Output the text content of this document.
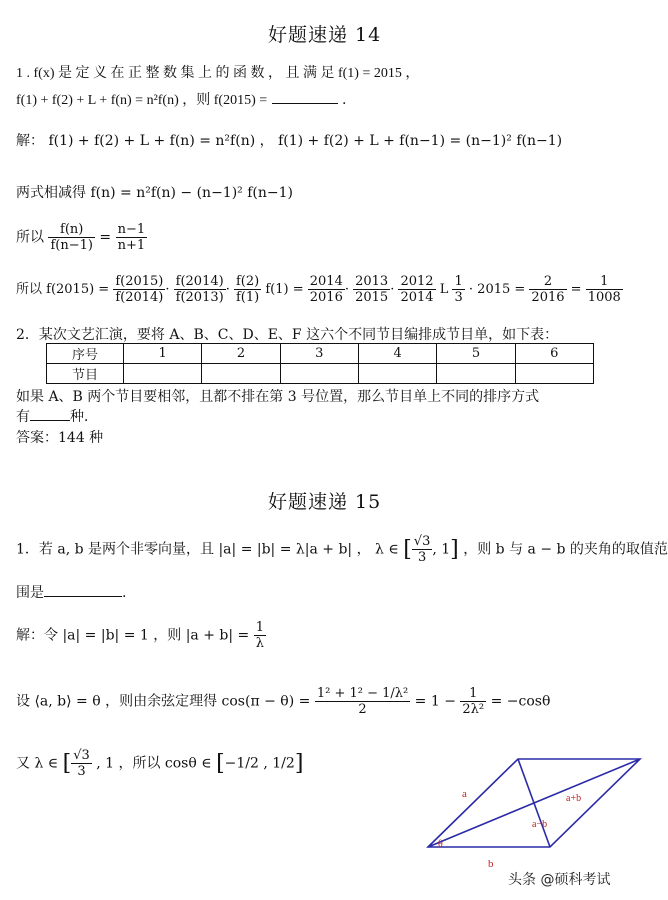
好题速递 14
1 . f(x) 是 定 义 在 正 整 数 集 上 的 函 数 ， 且 满 足 f(1) = 2015 ，
f(1) + f(2) + L + f(n) = n²f(n) ，则 f(2015) =	.
解： f(1) + f(2) + L + f(n) = n²f(n) ， f(1) + f(2) + L + f(n−1) = (n−1)² f(n−1)
两式相减得 f(n) = n²f(n) − (n−1)² f(n−1)
所以 $\frac{f(n)}{f(n-1)} = \frac{n-1}{n+1}$
所以 $f(2015) = \frac{f(2015)}{f(2014)} \cdot \frac{f(2014)}{f(2013)} \cdot \frac{f(2)}{f(1)} f(1) = \frac{2014}{2016} \cdot \frac{2013}{2015} \cdot \frac{2012}{2014}$ L $\frac{1}{3} \cdot 2015 = \frac{2}{2016} = \frac{1}{1008}$
2．某次文艺汇演，要将 A、B、C、D、E、F 这六个不同节目编排成节目单，如下表：
序号	1	2	3	4	5	6
节目						
如果 A、B 两个节目要相邻，且都不排在第 3 号位置，那么节目单上不同的排序方式
有	种．
答案：144 种
好题速递 15
1．若 a, b 是两个非零向量，且 |a| = |b| = λ|a + b| ， λ ∈ [ $\frac{√3}{3}$ , 1] ，则 b 与 a − b 的夹角的取值范
围是	.
解：令 |a| = |b| = 1 ，则 $|a + b| = \frac{1}{\lambda}$
设 ⟨a, b⟩ = θ ，则由余弦定理得 $\cos(\pi - \theta) = \frac{\text{1² + 1² − 1/λ²}}{2} = 1 - \frac{1}{\text{2λ²}} = -\cos\theta$
又 λ ∈ [ $\frac{√3}{3}$ , 1 ，所以 cosθ ∈ [−1/2 , 1/2]
a
b
a+b
a−b
θ
头条 @硕科考试
